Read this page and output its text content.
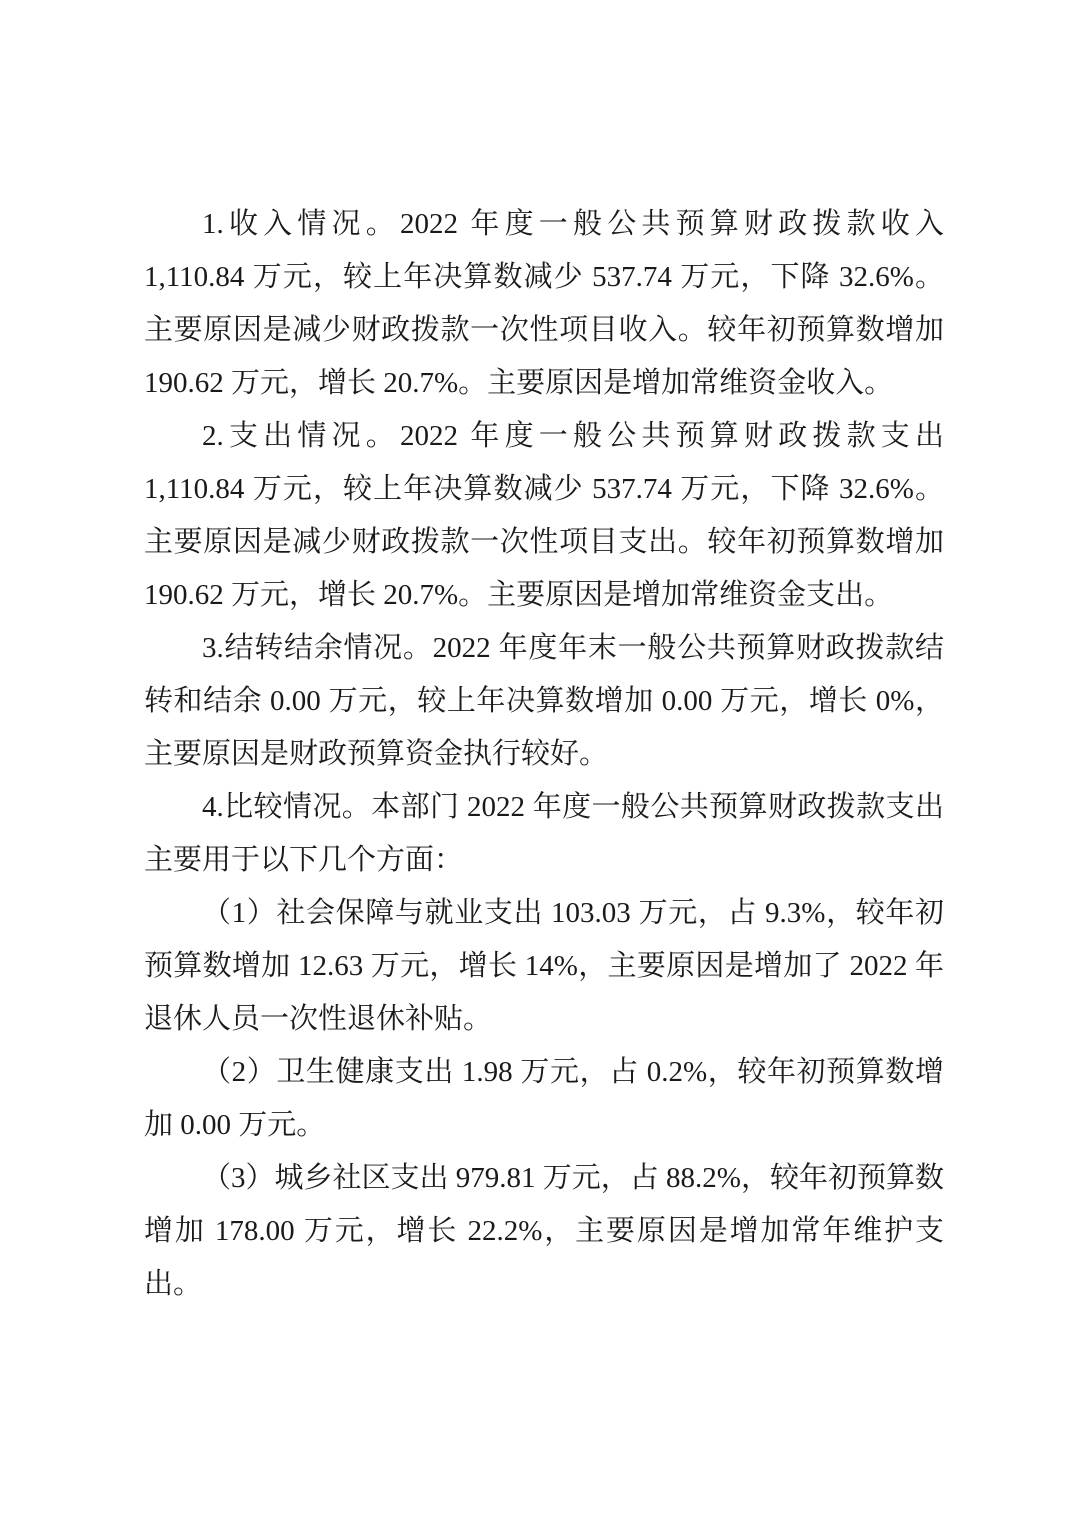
1.收入情况。2022 年度一般公共预算财政拨款收入 1,110.84 万元，较上年决算数减少 537.74 万元，下降 32.6%。主要原因是减少财政拨款一次性项目收入。较年初预算数增加 190.62 万元，增长 20.7%。主要原因是增加常维资金收入。

2.支出情况。2022 年度一般公共预算财政拨款支出 1,110.84 万元，较上年决算数减少 537.74 万元，下降 32.6%。主要原因是减少财政拨款一次性项目支出。较年初预算数增加 190.62 万元，增长 20.7%。主要原因是增加常维资金支出。

3.结转结余情况。2022 年度年末一般公共预算财政拨款结转和结余 0.00 万元，较上年决算数增加 0.00 万元，增长 0%，主要原因是财政预算资金执行较好。

4.比较情况。本部门 2022 年度一般公共预算财政拨款支出主要用于以下几个方面：

（1）社会保障与就业支出 103.03 万元，占 9.3%，较年初预算数增加 12.63 万元，增长 14%，主要原因是增加了 2022 年退休人员一次性退休补贴。

（2）卫生健康支出 1.98 万元，占 0.2%，较年初预算数增加 0.00 万元。

（3）城乡社区支出 979.81 万元，占 88.2%，较年初预算数增加 178.00 万元，增长 22.2%，主要原因是增加常年维护支出。
